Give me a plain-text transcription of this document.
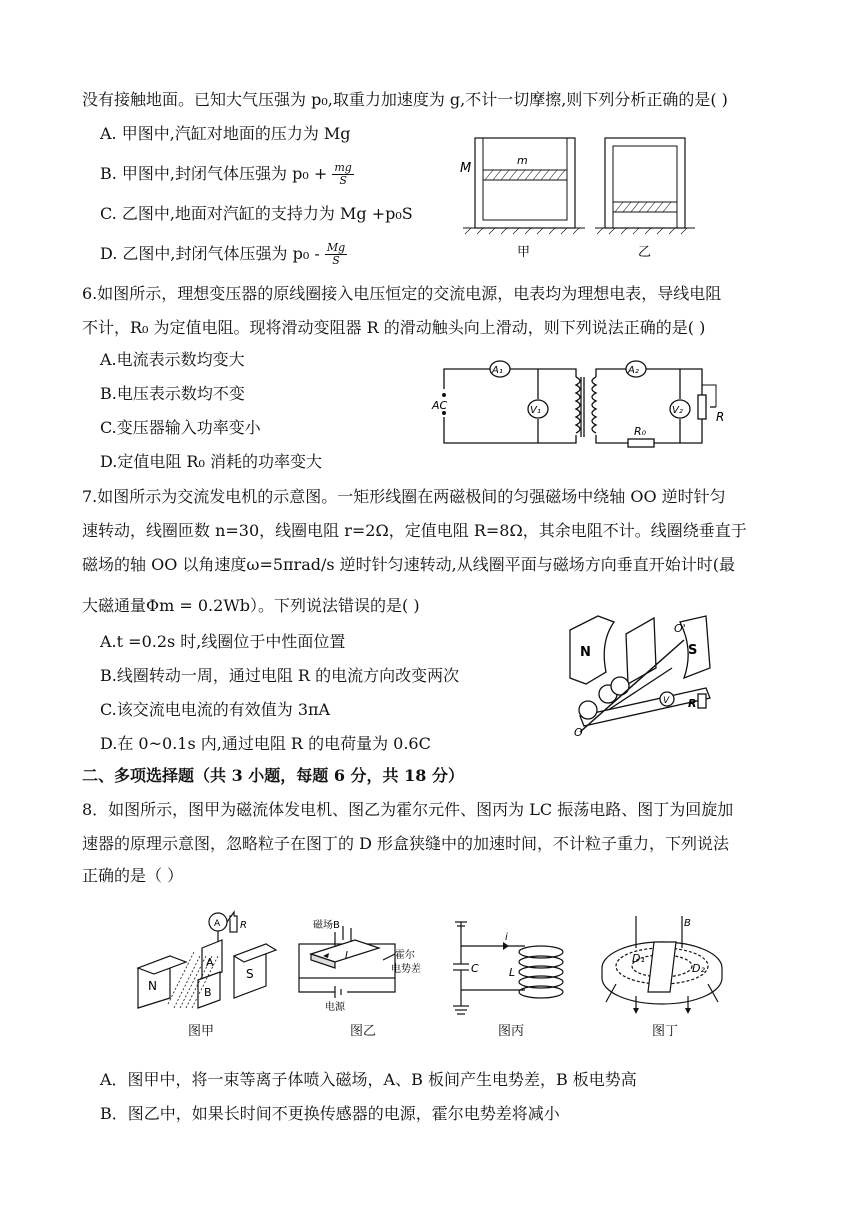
没有接触地面。已知大气压强为 p₀,取重力加速度为 g,不计一切摩擦,则下列分析正确的是( )
A. 甲图中,汽缸对地面的压力为 Mg
B. 甲图中,封闭气体压强为 $p_0 + \frac{mg}{S}$
C. 乙图中,地面对汽缸的支持力为 Mg +p₀S
D. 乙图中,封闭气体压强为 $p_0 - \frac{Mg}{S}$
M
m
甲	乙
6.如图所示，理想变压器的原线圈接入电压恒定的交流电源，电表均为理想电表，导线电阻
不计，R₀ 为定值电阻。现将滑动变阻器 R 的滑动触头向上滑动，则下列说法正确的是( )
A.电流表示数均变大
B.电压表示数均不变
C.变压器输入功率变小
D.定值电阻 R₀ 消耗的功率变大
AC
A₁
V₁
A₂
V₂	R
R₀
7.如图所示为交流发电机的示意图。一矩形线圈在两磁极间的匀强磁场中绕轴 OO 逆时针匀
速转动，线圈匝数 n=30，线圈电阻 r=2Ω，定值电阻 R=8Ω，其余电阻不计。线圈绕垂直于
磁场的轴 OO 以角速度ω=5πrad/s 逆时针匀速转动,从线圈平面与磁场方向垂直开始计时(最
大磁通量Φm = 0.2Wb）。下列说法错误的是( )
A.t =0.2s 时,线圈位于中性面位置
B.线圈转动一周，通过电阻 R 的电流方向改变两次
C.该交流电电流的有效值为 3πA
D.在 0~0.1s 内,通过电阻 R 的电荷量为 0.6C
N	S
O'
O
V R
二、多项选择题（共 3 小题，每题 6 分，共 18 分）
8．如图所示，图甲为磁流体发电机、图乙为霍尔元件、图丙为 LC 振荡电路、图丁为回旋加
速器的原理示意图，忽略粒子在图丁的 D 形盒狭缝中的加速时间，不计粒子重力，下列说法
正确的是（ ）
A R
N
A
B
S
图甲
磁场B
I	霍尔
电势差
电源
图乙
C
i
L
图丙
B
D₁
D₂
图丁
A．图甲中，将一束等离子体喷入磁场，A、B 板间产生电势差，B 板电势高
B．图乙中，如果长时间不更换传感器的电源，霍尔电势差将减小
